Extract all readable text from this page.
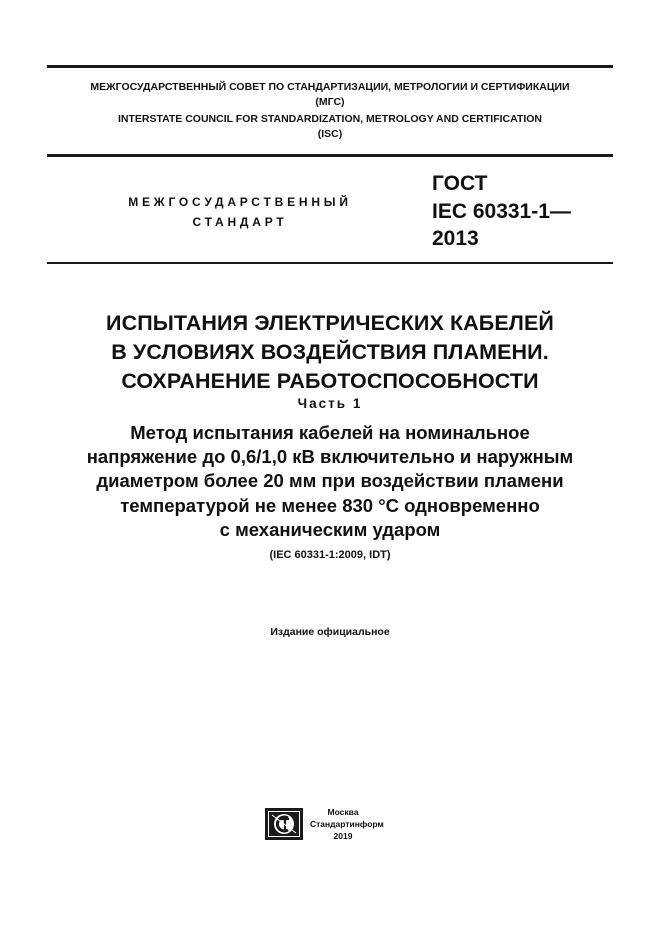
МЕЖГОСУДАРСТВЕННЫЙ СОВЕТ ПО СТАНДАРТИЗАЦИИ, МЕТРОЛОГИИ И СЕРТИФИКАЦИИ
(МГС)
INTERSTATE COUNCIL FOR STANDARDIZATION, METROLOGY AND CERTIFICATION
(ISC)
МЕЖГОСУДАРСТВЕННЫЙ
СТАНДАРТ
ГОСТ
IEC 60331-1—
2013
ИСПЫТАНИЯ ЭЛЕКТРИЧЕСКИХ КАБЕЛЕЙ
В УСЛОВИЯХ ВОЗДЕЙСТВИЯ ПЛАМЕНИ.
СОХРАНЕНИЕ РАБОТОСПОСОБНОСТИ
Часть 1
Метод испытания кабелей на номинальное
напряжение до 0,6/1,0 кВ включительно и наружным
диаметром более 20 мм при воздействии пламени
температурой не менее 830 °С одновременно
с механическим ударом
(IEC 60331-1:2009, IDT)
Издание официальное
Москва
Стандартинформ
2019
